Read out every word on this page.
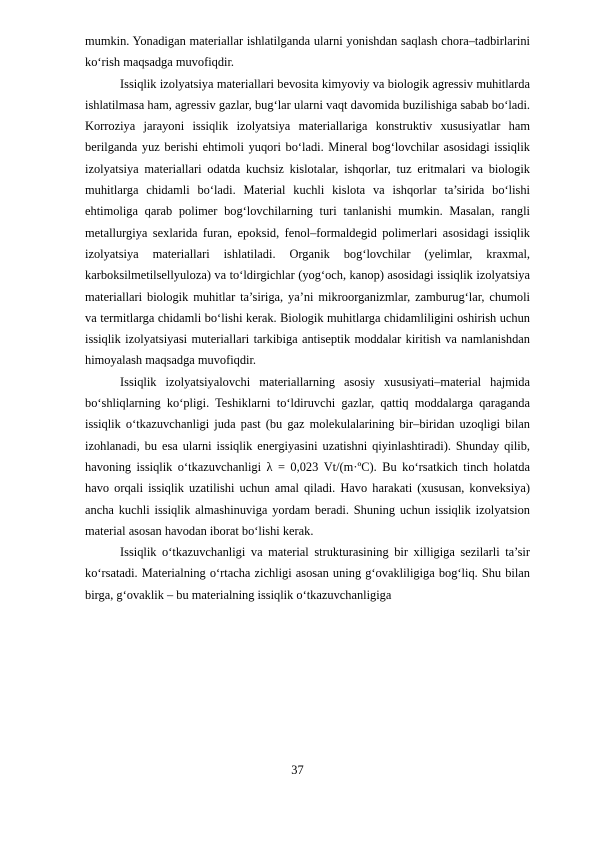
mumkin. Yonadigan materiallar ishlatilganda ularni yonishdan saqlash chora–tadbirlarini ko‘rish maqsadga muvofiqdir.

Issiqlik izolyatsiya materiallari bevosita kimyoviy va biologik agressiv muhitlarda ishlatilmasa ham, agressiv gazlar, bug‘lar ularni vaqt davomida buzilishiga sabab bo‘ladi. Korroziya jarayoni issiqlik izolyatsiya materiallariga konstruktiv xususiyatlar ham berilganda yuz berishi ehtimoli yuqori bo‘ladi. Mineral bog‘lovchilar asosidagi issiqlik izolyatsiya materiallari odatda kuchsiz kislotalar, ishqorlar, tuz eritmalari va biologik muhitlarga chidamli bo‘ladi. Material kuchli kislota va ishqorlar ta’sirida bo‘lishi ehtimoliga qarab polimer bog‘lovchilarning turi tanlanishi mumkin. Masalan, rangli metallurgiya sexlarida furan, epoksid, fenol–formaldegid polimerlari asosidagi issiqlik izolyatsiya materiallari ishlatiladi. Organik bog‘lovchilar (yelimlar, kraxmal, karboksilmetilsellyuloza) va to‘ldirgichlar (yog‘och, kanop) asosidagi issiqlik izolyatsiya materiallari biologik muhitlar ta’siriga, ya’ni mikroorganizmlar, zamburug‘lar, chumoli va termitlarga chidamli bo‘lishi kerak. Biologik muhitlarga chidamliligini oshirish uchun issiqlik izolyatsiyasi muteriallari tarkibiga antiseptik moddalar kiritish va namlanishdan himoyalash maqsadga muvofiqdir.

Issiqlik izolyatsiyalovchi materiallarning asosiy xususiyati–material hajmida bo‘shliqlarning ko‘pligi. Teshiklarni to‘ldiruvchi gazlar, qattiq moddalarga qaraganda issiqlik o‘tkazuvchanligi juda past (bu gaz molekulalarining bir–biridan uzoqligi bilan izohlanadi, bu esa ularni issiqlik energiyasini uzatishni qiyinlashtiradi). Shunday qilib, havoning issiqlik o‘tkazuvchanligi λ = 0,023 Vt/(m·ºC). Bu ko‘rsatkich tinch holatda havo orqali issiqlik uzatilishi uchun amal qiladi. Havo harakati (xususan, konveksiya) ancha kuchli issiqlik almashinuviga yordam beradi. Shuning uchun issiqlik izolyatsion material asosan havodan iborat bo‘lishi kerak.

Issiqlik o‘tkazuvchanligi va material strukturasining bir xilligiga sezilarli ta’sir ko‘rsatadi. Materialning o‘rtacha zichligi asosan uning g‘ovakliligiga bog‘liq. Shu bilan birga, g‘ovaklik – bu materialning issiqlik o‘tkazuvchanligiga

37
